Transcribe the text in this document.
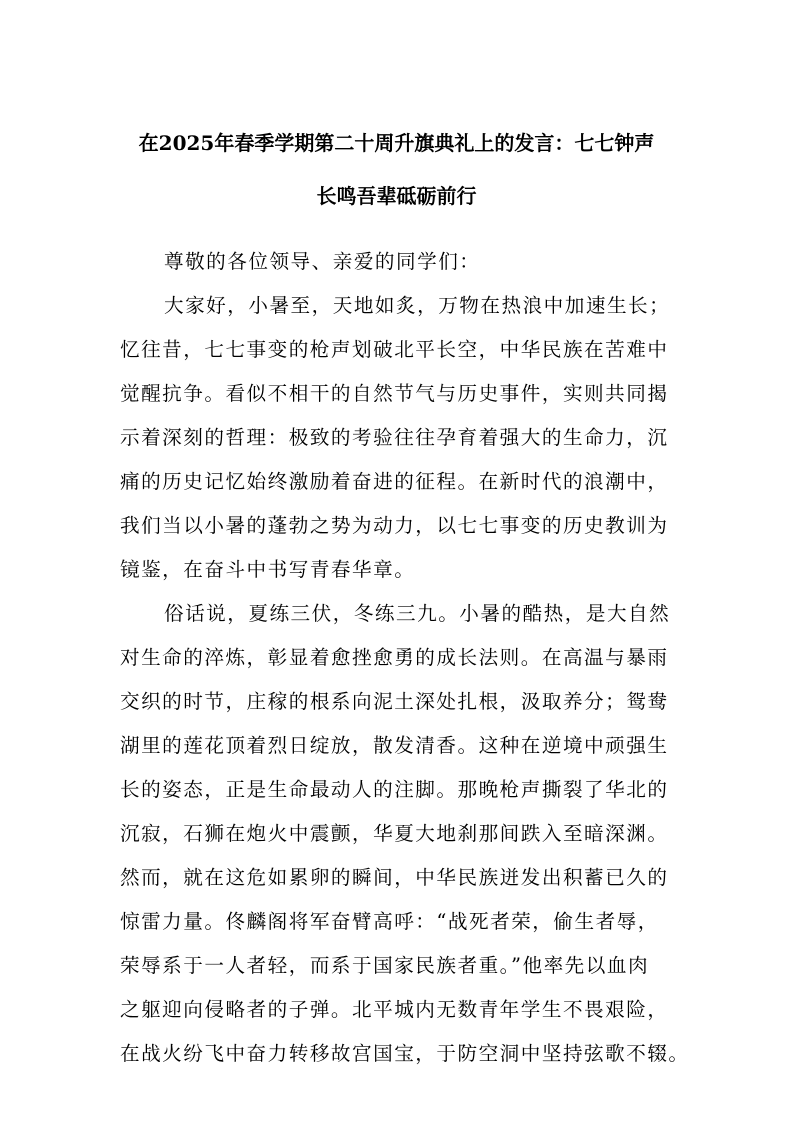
在2025年春季学期第二十周升旗典礼上的发言：七七钟声
长鸣吾辈砥砺前行
尊敬的各位领导、亲爱的同学们：
大家好，小暑至，天地如炙，万物在热浪中加速生长；
忆往昔，七七事变的枪声划破北平长空，中华民族在苦难中
觉醒抗争。看似不相干的自然节气与历史事件，实则共同揭
示着深刻的哲理：极致的考验往往孕育着强大的生命力，沉
痛的历史记忆始终激励着奋进的征程。在新时代的浪潮中，
我们当以小暑的蓬勃之势为动力，以七七事变的历史教训为
镜鉴，在奋斗中书写青春华章。
俗话说，夏练三伏，冬练三九。小暑的酷热，是大自然
对生命的淬炼，彰显着愈挫愈勇的成长法则。在高温与暴雨
交织的时节，庄稼的根系向泥土深处扎根，汲取养分；鸳鸯
湖里的莲花顶着烈日绽放，散发清香。这种在逆境中顽强生
长的姿态，正是生命最动人的注脚。那晚枪声撕裂了华北的
沉寂，石狮在炮火中震颤，华夏大地刹那间跌入至暗深渊。
然而，就在这危如累卵的瞬间，中华民族迸发出积蓄已久的
惊雷力量。佟麟阁将军奋臂高呼：“战死者荣，偷生者辱，
荣辱系于一人者轻，而系于国家民族者重。”他率先以血肉
之躯迎向侵略者的子弹。北平城内无数青年学生不畏艰险，
在战火纷飞中奋力转移故宫国宝，于防空洞中坚持弦歌不辍。
